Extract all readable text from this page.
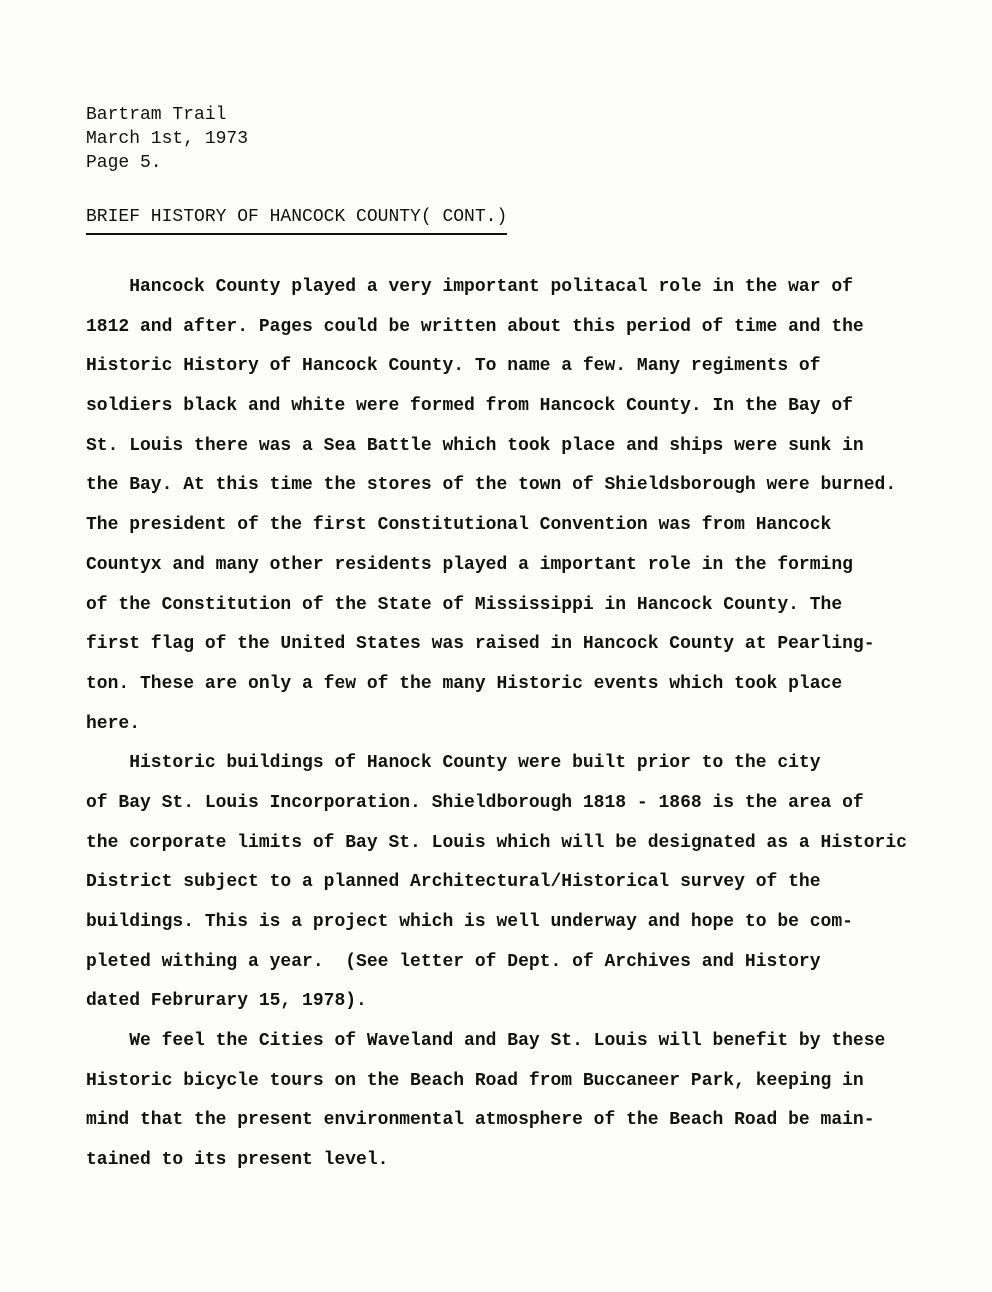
Bartram Trail
March 1st, 1973
Page 5.
BRIEF HISTORY OF HANCOCK COUNTY( CONT.)
Hancock County played a very important politacal role in the war of
1812 and after. Pages could be written about this period of time and the
Historic History of Hancock County. To name a few. Many regiments of
soldiers black and white were formed from Hancock County. In the Bay of
St. Louis there was a Sea Battle which took place and ships were sunk in
the Bay. At this time the stores of the town of Shieldsborough were burned.
The president of the first Constitutional Convention was from Hancock
Countyx and many other residents played a important role in the forming
of the Constitution of the State of Mississippi in Hancock County. The
first flag of the United States was raised in Hancock County at Pearling-
ton. These are only a few of the many Historic events which took place
here.
Historic buildings of Hanock County were built prior to the city
of Bay St. Louis Incorporation. Shieldborough 1818 - 1868 is the area of
the corporate limits of Bay St. Louis which will be designated as a Historic
District subject to a planned Architectural/Historical survey of the
buildings. This is a project which is well underway and hope to be com-
pleted withing a year.  (See letter of Dept. of Archives and History
dated Februrary 15, 1978).
We feel the Cities of Waveland and Bay St. Louis will benefit by these
Historic bicycle tours on the Beach Road from Buccaneer Park, keeping in
mind that the present environmental atmosphere of the Beach Road be main-
tained to its present level.
